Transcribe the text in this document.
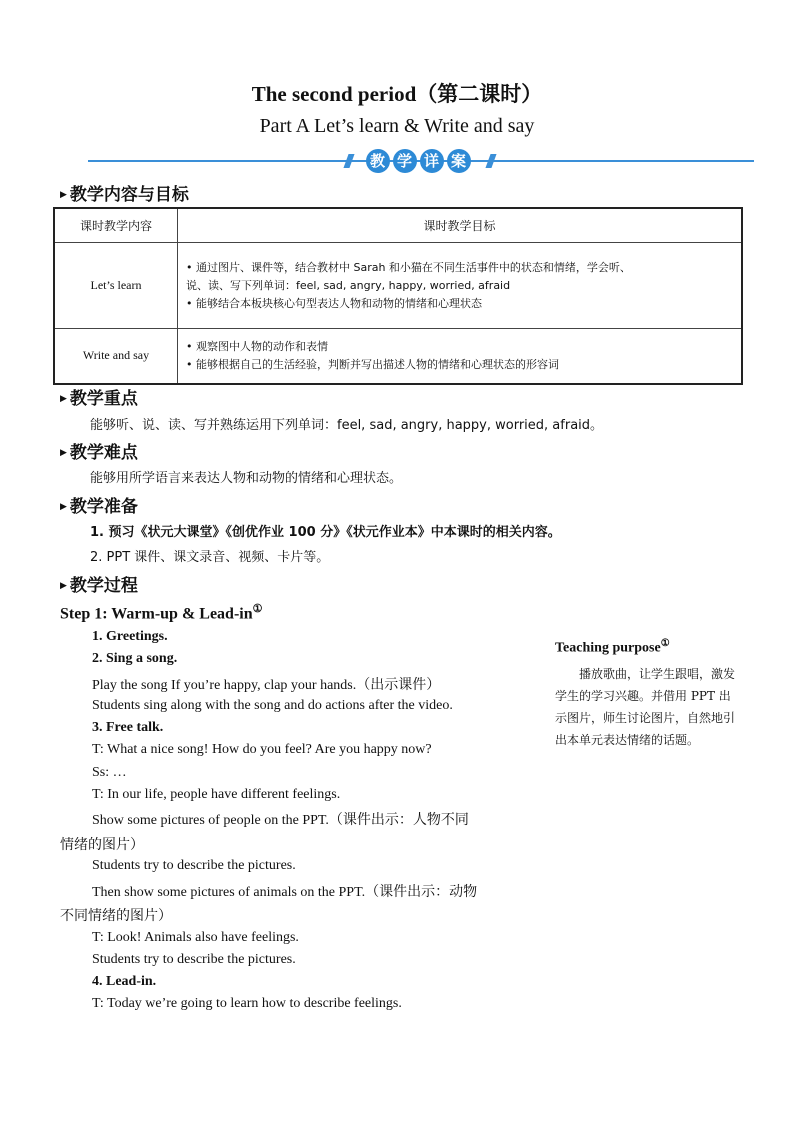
The second period（第二课时）
Part A Let’s learn & Write and say
教 学 详 案
▶ 教学内容与目标
课时教学内容	课时教学目标
Let’s learn	• 通过图片、课件等，结合教材中 Sarah 和小猫在不同生活事件中的状态和情绪，学会听、
说、读、写下列单词：feel, sad, angry, happy, worried, afraid
• 能够结合本板块核心句型表达人物和动物的情绪和心理状态

Write and say	• 观察图中人物的动作和表情
• 能够根据自己的生活经验，判断并写出描述人物的情绪和心理状态的形容词
▶ 教学重点
能够听、说、读、写并熟练运用下列单词：feel, sad, angry, happy, worried, afraid。
▶ 教学难点
能够用所学语言来表达人物和动物的情绪和心理状态。
▶ 教学准备
1. 预习《状元大课堂》《创优作业 100 分》《状元作业本》中本课时的相关内容。
2. PPT 课件、课文录音、视频、卡片等。
▶ 教学过程
Step 1: Warm-up & Lead-in①

1. Greetings.

2. Sing a song.

Play the song If you’re happy, clap your hands.（出示课件）

Students sing along with the song and do actions after the video.

3. Free talk.

T: What a nice song! How do you feel? Are you happy now?

Ss: …

T: In our life, people have different feelings.

Show some pictures of people on the PPT.（课件出示：人物不同

情绪的图片）

Students try to describe the pictures.

Then show some pictures of animals on the PPT.（课件出示：动物

不同情绪的图片）

T: Look! Animals also have feelings.

Students try to describe the pictures.

4. Lead-in.

T: Today we’re going to learn how to describe feelings.

Teaching purpose①
播放歌曲，让学生跟唱，激发学生的学习兴趣。并借用 PPT 出示图片，师生讨论图片，自然地引出本单元表达情绪的话题。
